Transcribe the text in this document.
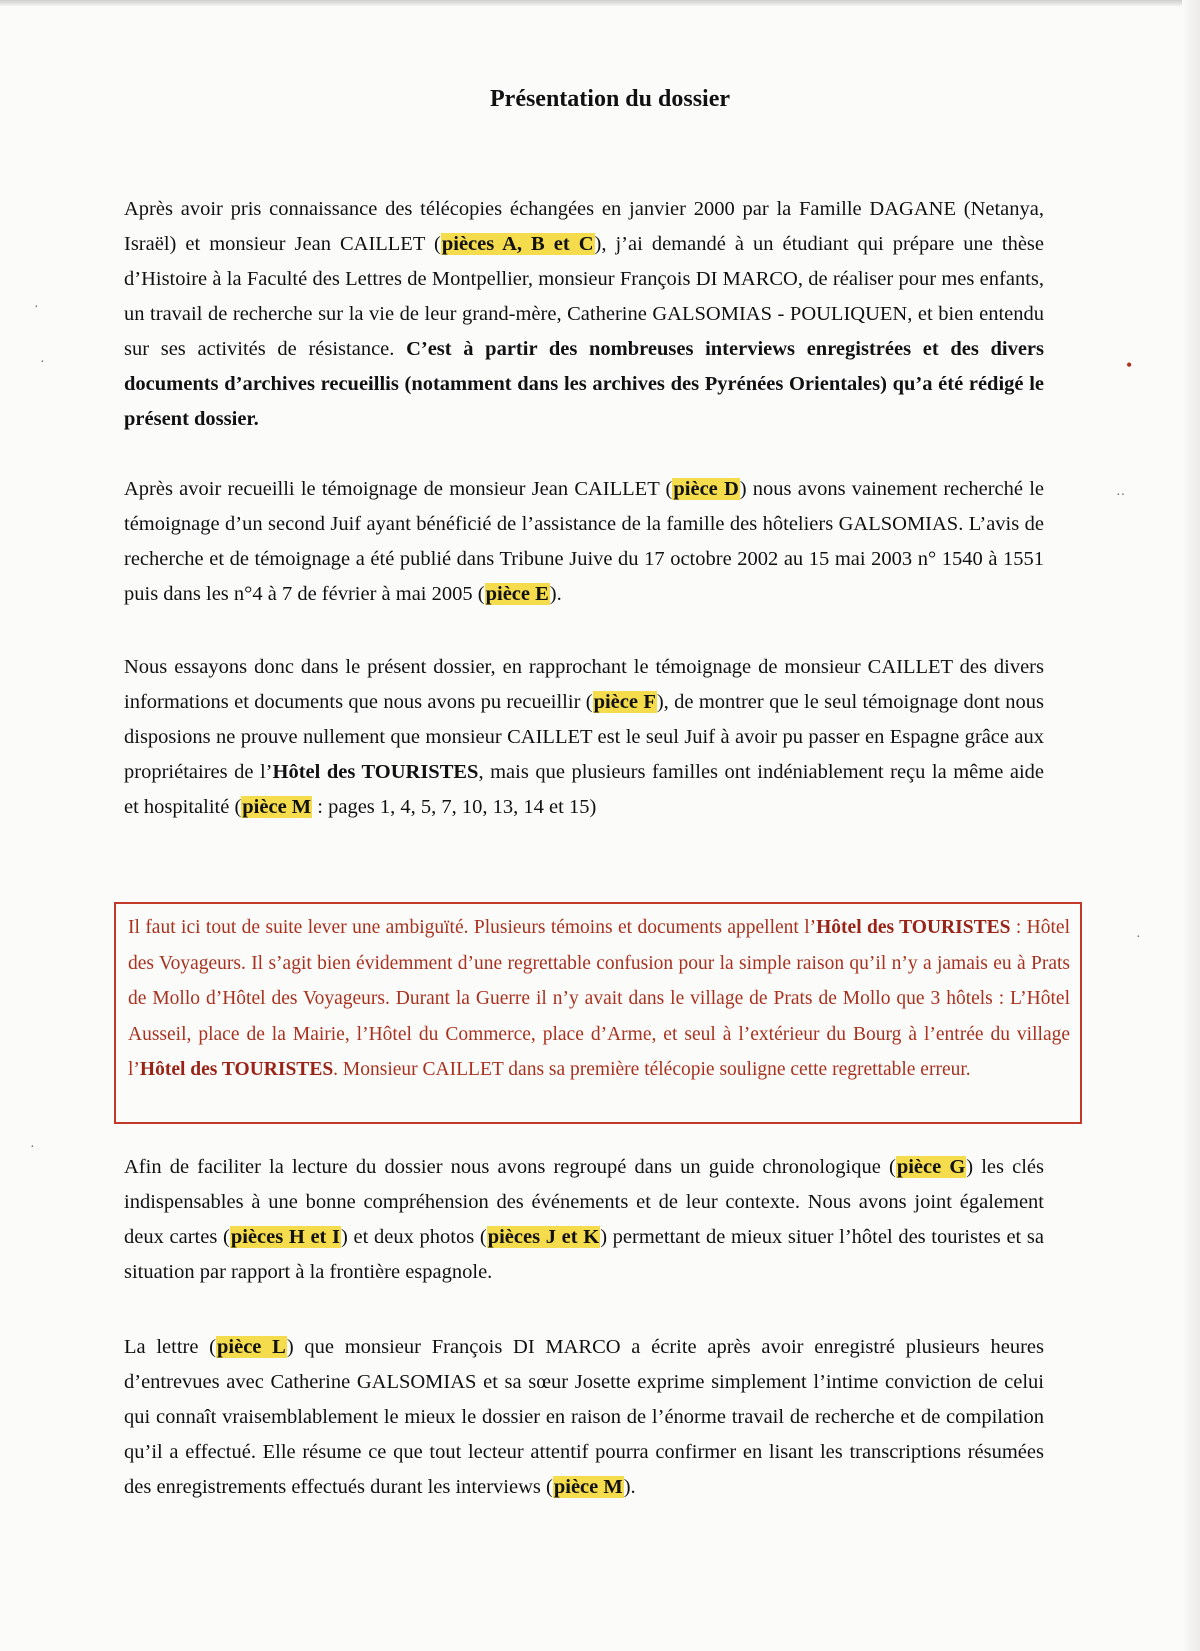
Présentation du dossier
Après avoir pris connaissance des télécopies échangées en janvier 2000 par la Famille DAGANE (Netanya, Israël) et monsieur Jean CAILLET (pièces A, B et C), j’ai demandé à un étudiant qui prépare une thèse d’Histoire à la Faculté des Lettres de Montpellier, monsieur François DI MARCO, de réaliser pour mes enfants, un travail de recherche sur la vie de leur grand-mère, Catherine GALSOMIAS - POULIQUEN, et bien entendu sur ses activités de résistance. C’est à partir des nombreuses interviews enregistrées et des divers documents d’archives recueillis (notamment dans les archives des Pyrénées Orientales) qu’a été rédigé le présent dossier.
Après avoir recueilli le témoignage de monsieur Jean CAILLET (pièce D) nous avons vainement recherché le témoignage d’un second Juif ayant bénéficié de l’assistance de la famille des hôteliers GALSOMIAS. L’avis de recherche et de témoignage a été publié dans Tribune Juive du 17 octobre 2002 au 15 mai 2003 n° 1540 à 1551 puis dans les n°4 à 7 de février à mai 2005 (pièce E).
Nous essayons donc dans le présent dossier, en rapprochant le témoignage de monsieur CAILLET des divers informations et documents que nous avons pu recueillir (pièce F), de montrer que le seul témoignage dont nous disposions ne prouve nullement que monsieur CAILLET est le seul Juif à avoir pu passer en Espagne grâce aux propriétaires de l’Hôtel des TOURISTES, mais que plusieurs familles ont indéniablement reçu la même aide et hospitalité (pièce M : pages 1, 4, 5, 7, 10, 13, 14 et 15)
Il faut ici tout de suite lever une ambiguïté. Plusieurs témoins et documents appellent l’Hôtel des TOURISTES : Hôtel des Voyageurs. Il s’agit bien évidemment d’une regrettable confusion pour la simple raison qu’il n’y a jamais eu à Prats de Mollo d’Hôtel des Voyageurs. Durant la Guerre il n’y avait dans le village de Prats de Mollo que 3 hôtels : L’Hôtel Ausseil, place de la Mairie, l’Hôtel du Commerce, place d’Arme, et seul à l’extérieur du Bourg à l’entrée du village l’Hôtel des TOURISTES. Monsieur CAILLET dans sa première télécopie souligne cette regrettable erreur.
Afin de faciliter la lecture du dossier nous avons regroupé dans un guide chronologique (pièce G) les clés indispensables à une bonne compréhension des événements et de leur contexte. Nous avons joint également deux cartes (pièces H et I) et deux photos (pièces J et K) permettant de mieux situer l’hôtel des touristes et sa situation par rapport à la frontière espagnole.
La lettre (pièce L) que monsieur François DI MARCO a écrite après avoir enregistré plusieurs heures d’entrevues avec Catherine GALSOMIAS et sa sœur Josette exprime simplement l’intime conviction de celui qui connaît vraisemblablement le mieux le dossier en raison de l’énorme travail de recherche et de compilation qu’il a effectué. Elle résume ce que tout lecteur attentif pourra confirmer en lisant les transcriptions résumées des enregistrements effectués durant les interviews (pièce M).
·
·	•
··
·
·
